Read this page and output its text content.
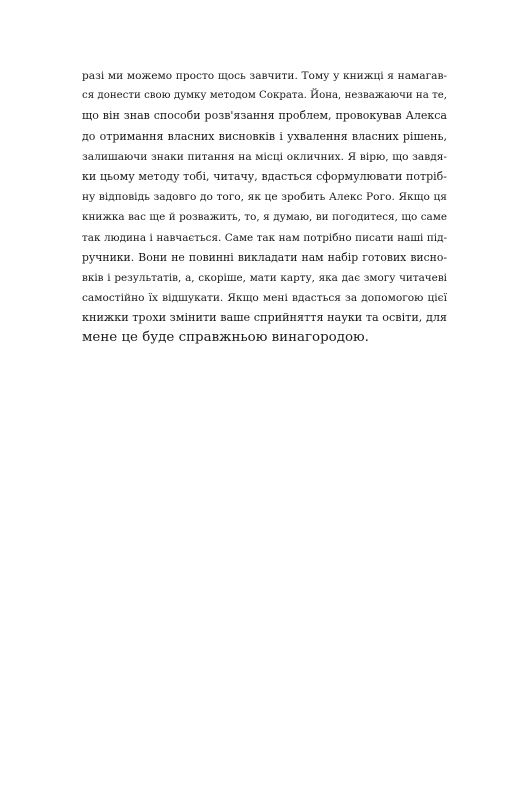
разі ми можемо просто щось завчити. Тому у книжці я намагав-
ся донести свою думку методом Сократа. Йона, незважаючи на те,
що він знав способи розв'язання проблем, провокував Алекса
до отримання власних висновків і ухвалення власних рішень,
залишаючи знаки питання на місці окличних. Я вірю, що завдя-
ки цьому методу тобі, читачу, вдасться сформулювати потріб-
ну відповідь задовго до того, як це зробить Алекс Рого. Якщо ця
книжка вас ще й розважить, то, я думаю, ви погодитеся, що саме
так людина і навчається. Саме так нам потрібно писати наші під-
ручники. Вони не повинні викладати нам набір готових висно-
вків і результатів, а, скоріше, мати карту, яка дає змогу читачеві
самостійно їх відшукати. Якщо мені вдасться за допомогою цієї
книжки трохи змінити ваше сприйняття науки та освіти, для
мене це буде справжньою винагородою.
